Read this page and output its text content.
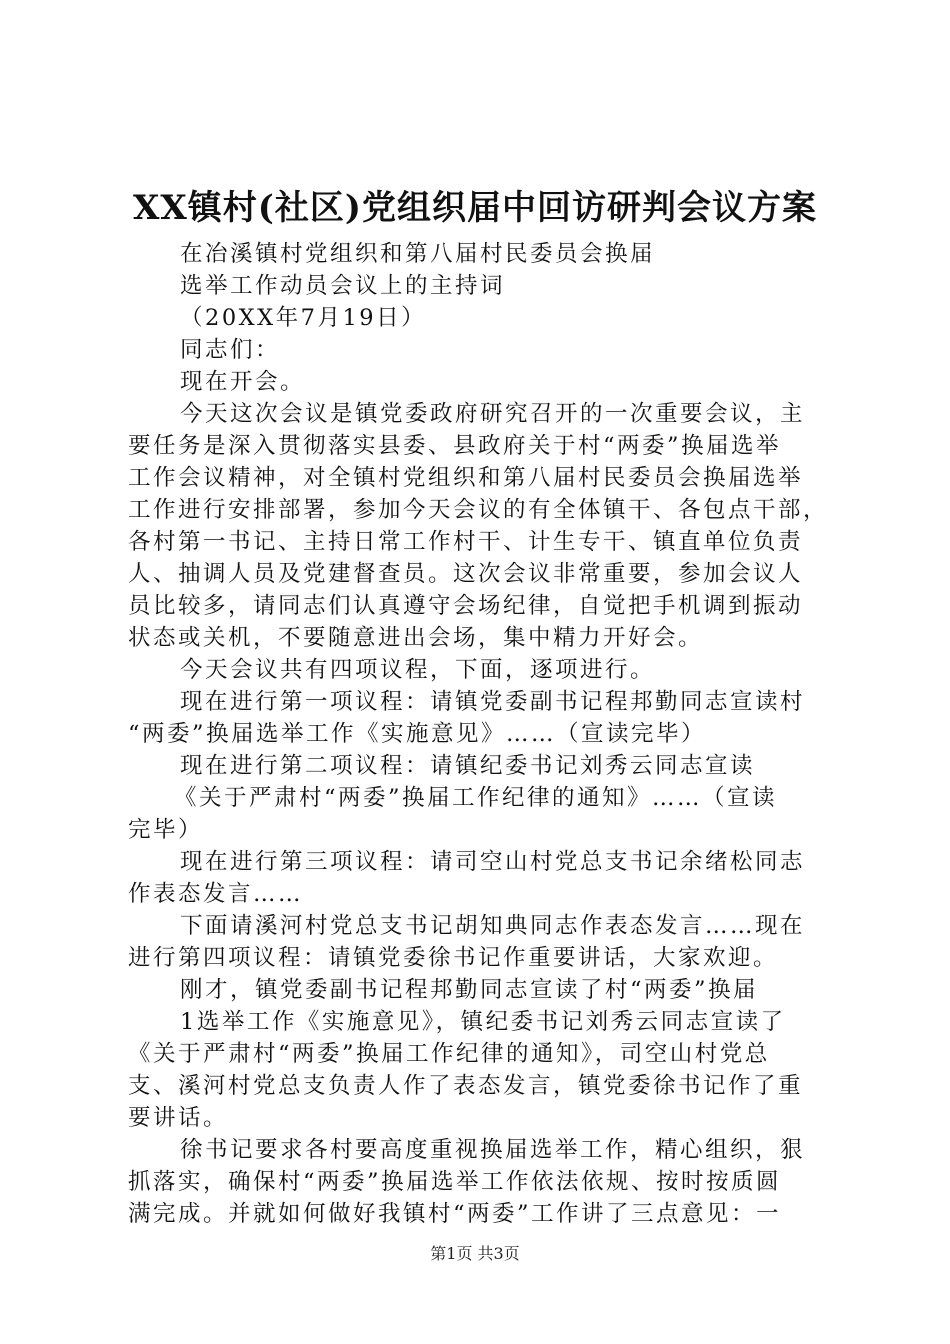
XX镇村(社区)党组织届中回访研判会议方案
在冶溪镇村党组织和第八届村民委员会换届
选举工作动员会议上的主持词
（20XX年7月19日）
同志们：
现在开会。
今天这次会议是镇党委政府研究召开的一次重要会议，主
要任务是深入贯彻落实县委、县政府关于村“两委”换届选举
工作会议精神，对全镇村党组织和第八届村民委员会换届选举
工作进行安排部署，参加今天会议的有全体镇干、各包点干部，
各村第一书记、主持日常工作村干、计生专干、镇直单位负责
人、抽调人员及党建督查员。这次会议非常重要，参加会议人
员比较多，请同志们认真遵守会场纪律，自觉把手机调到振动
状态或关机，不要随意进出会场，集中精力开好会。
今天会议共有四项议程，下面，逐项进行。
现在进行第一项议程：请镇党委副书记程邦勤同志宣读村
“两委”换届选举工作《实施意见》……（宣读完毕）
现在进行第二项议程：请镇纪委书记刘秀云同志宣读
《关于严肃村“两委”换届工作纪律的通知》……（宣读
完毕）
现在进行第三项议程：请司空山村党总支书记余绪松同志
作表态发言……
下面请溪河村党总支书记胡知典同志作表态发言……现在
进行第四项议程：请镇党委徐书记作重要讲话，大家欢迎。
刚才，镇党委副书记程邦勤同志宣读了村“两委”换届
1选举工作《实施意见》，镇纪委书记刘秀云同志宣读了
《关于严肃村“两委”换届工作纪律的通知》，司空山村党总
支、溪河村党总支负责人作了表态发言，镇党委徐书记作了重
要讲话。
徐书记要求各村要高度重视换届选举工作，精心组织，狠
抓落实，确保村“两委”换届选举工作依法依规、按时按质圆
满完成。并就如何做好我镇村“两委”工作讲了三点意见：一
第1页 共3页
